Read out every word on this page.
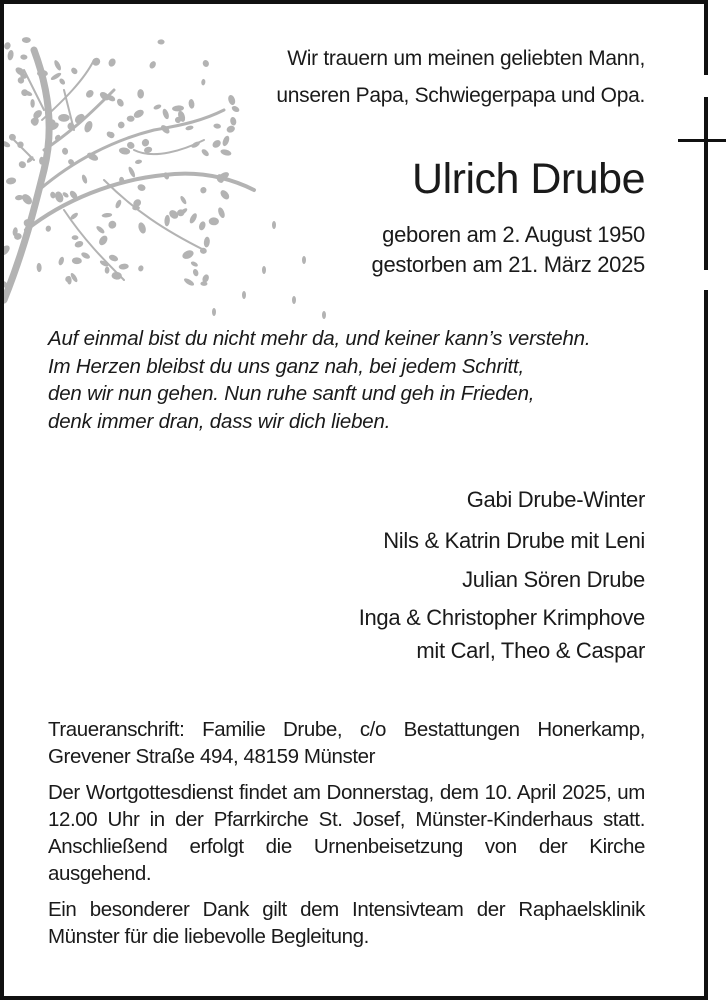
Wir trauern um meinen geliebten Mann,
unseren Papa, Schwiegerpapa und Opa.
Ulrich Drube
geboren am 2. August 1950
gestorben am 21. März 2025
Auf einmal bist du nicht mehr da, und keiner kann’s verstehn.
Im Herzen bleibst du uns ganz nah, bei jedem Schritt,
den wir nun gehen. Nun ruhe sanft und geh in Frieden,
denk immer dran, dass wir dich lieben.
Gabi Drube-Winter
Nils & Katrin Drube mit Leni
Julian Sören Drube
Inga & Christopher Krimphove
mit Carl, Theo & Caspar
Traueranschrift: Familie Drube, c/o Bestattungen Honerkamp, Grevener Straße 494, 48159 Münster
Der Wortgottesdienst findet am Donnerstag, dem 10. April 2025, um 12.00 Uhr in der Pfarrkirche St. Josef, Münster-Kinderhaus statt. Anschließend erfolgt die Urnenbeisetzung von der Kirche ausgehend.
Ein besonderer Dank gilt dem Intensivteam der Raphaelsklinik Münster für die liebevolle Begleitung.
